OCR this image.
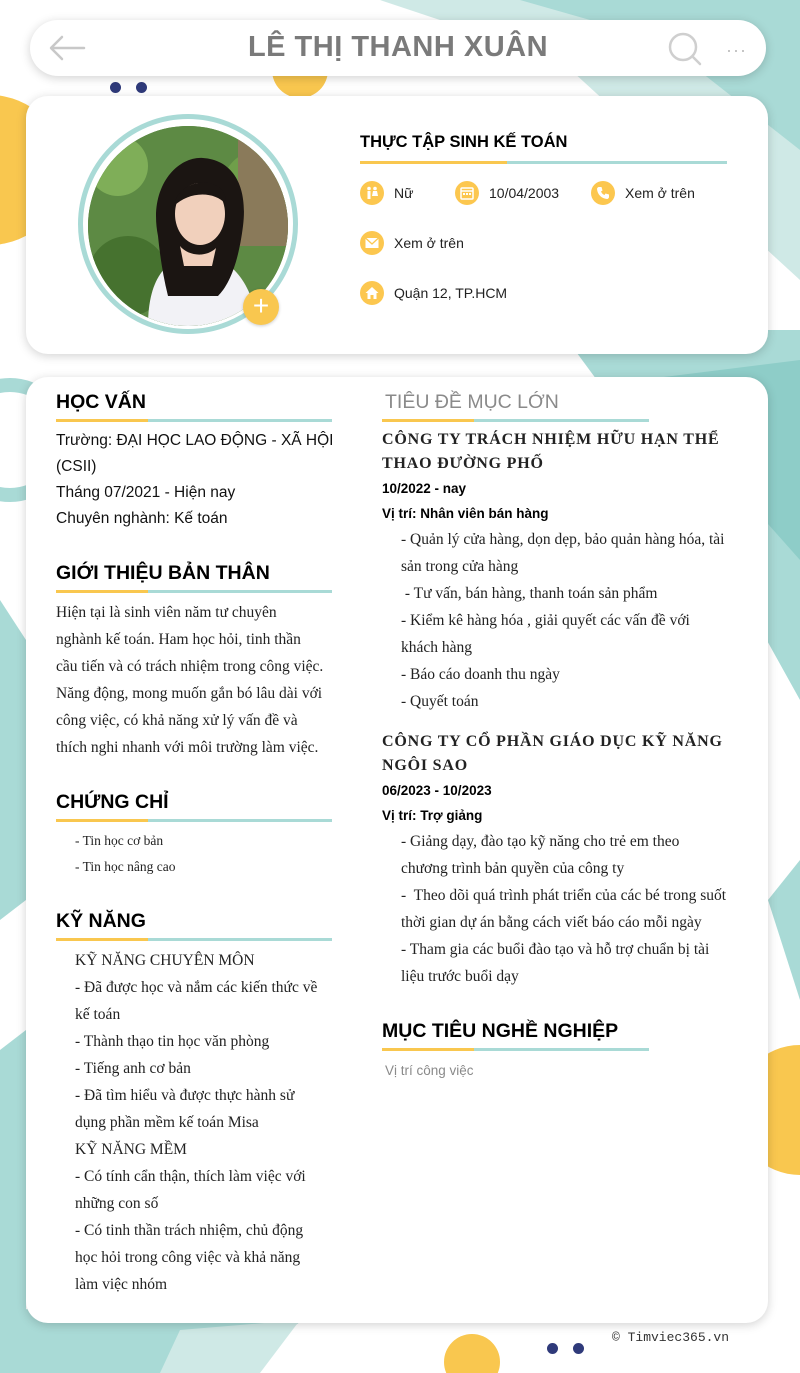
LÊ THỊ THANH XUÂN	···
+
THỰC TẬP SINH KẾ TOÁN
Nữ	10/04/2003	Xem ở trên
Xem ở trên
Quận 12, TP.HCM
HỌC VẤN
Trường: ĐẠI HỌC LAO ĐỘNG - XÃ HỘI
(CSII)
Tháng 07/2021 - Hiện nay
Chuyên nghành: Kế toán
GIỚI THIỆU BẢN THÂN
Hiện tại là sinh viên năm tư chuyên
nghành kế toán. Ham học hỏi, tinh thần
cầu tiến và có trách nhiệm trong công việc.
Năng động, mong muốn gắn bó lâu dài với
công việc, có khả năng xử lý vấn đề và
thích nghi nhanh với môi trường làm việc.
CHỨNG CHỈ
- Tin học cơ bản
- Tin học nâng cao
KỸ NĂNG
KỸ NĂNG CHUYÊN MÔN
- Đã được học và nắm các kiến thức về
kế toán
- Thành thạo tin học văn phòng
- Tiếng anh cơ bản
- Đã tìm hiểu và được thực hành sử
dụng phần mềm kế toán Misa
KỸ NĂNG MỀM
- Có tính cẩn thận, thích làm việc với
những con số
- Có tinh thần trách nhiệm, chủ động
học hỏi trong công việc và khả năng
làm việc nhóm
TIÊU ĐỀ MỤC LỚN
CÔNG TY TRÁCH NHIỆM HỮU HẠN THỂ
THAO ĐƯỜNG PHỐ
10/2022 - nay
Vị trí: Nhân viên bán hàng
- Quản lý cửa hàng, dọn dẹp, bảo quản hàng hóa, tài
sản trong cửa hàng
- Tư vấn, bán hàng, thanh toán sản phẩm
- Kiểm kê hàng hóa , giải quyết các vấn đề với
khách hàng
- Báo cáo doanh thu ngày
- Quyết toán
CÔNG TY CỔ PHẦN GIÁO DỤC KỸ NĂNG
NGÔI SAO
06/2023 - 10/2023
Vị trí: Trợ giảng
- Giảng dạy, đào tạo kỹ năng cho trẻ em theo
chương trình bản quyền của công ty
-  Theo dõi quá trình phát triển của các bé trong suốt
thời gian dự án bằng cách viết báo cáo mỗi ngày
- Tham gia các buổi đào tạo và hỗ trợ chuẩn bị tài
liệu trước buổi dạy
MỤC TIÊU NGHỀ NGHIỆP
Vị trí công việc
© Timviec365.vn
